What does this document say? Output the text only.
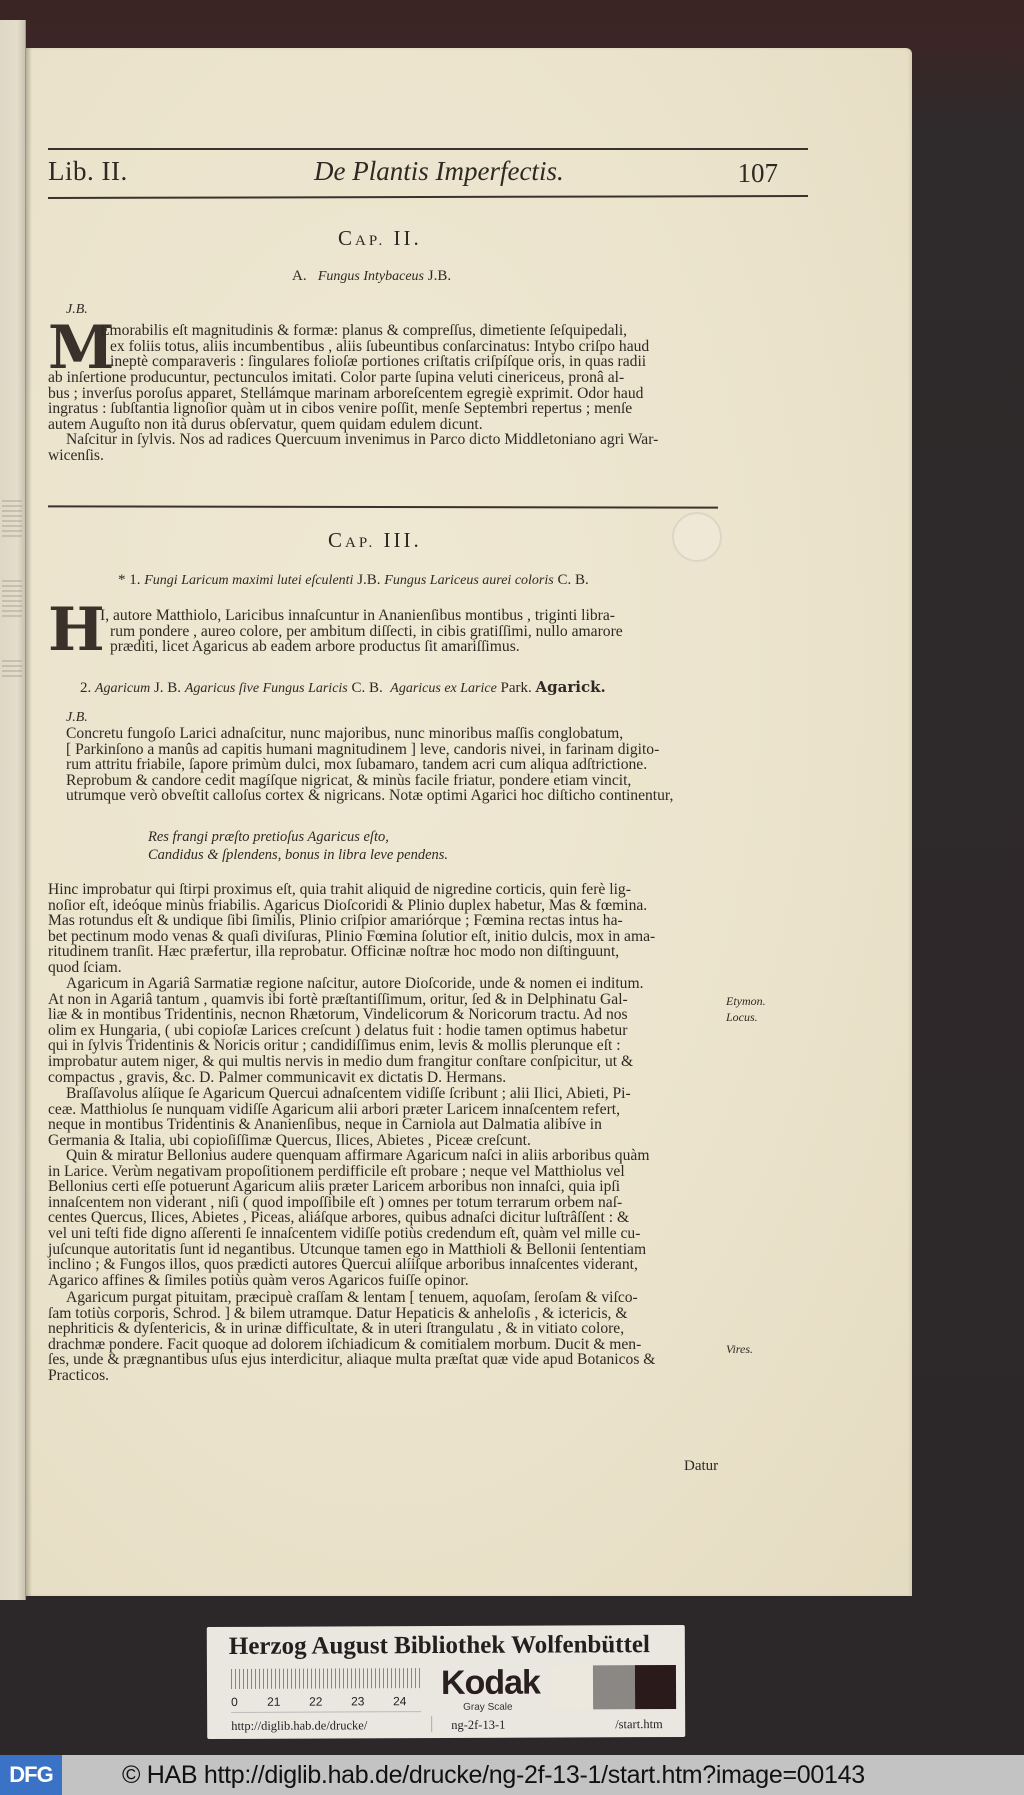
Lib. II.	De Plantis Imperfectis.	107
CAP. II.
A. Fungus Intybaceus J.B.
J.B.
M
Emorabilis eſt magnitudinis & formæ: planus & compreſſus, dimetiente ſeſquipedali,
ex foliis totus, aliis incumbentibus , aliis ſubeuntibus conſarcinatus: Intybo criſpo haud
ineptè comparaveris : ſingulares folioſæ portiones criſtatis criſpíſque oris, in quas radii
ab inſertione producuntur, pectunculos imitati. Color parte ſupina veluti cinericeus, pronâ al-
bus ; inverſus poroſus apparet, Stellámque marinam arboreſcentem egregiè exprimit. Odor haud
ingratus : ſubſtantia lignoſior quàm ut in cibos venire poſſit, menſe Septembri repertus ; menſe
autem Auguſto non ità durus obſervatur, quem quidam edulem dicunt.
Naſcitur in ſylvis. Nos ad radices Quercuum invenimus in Parco dicto Middletoniano agri War-
wicenſis.
CAP. III.
* 1. Fungi Laricum maximi lutei eſculenti J.B. Fungus Lariceus aurei coloris C. B.
H
I, autore Matthiolo, Laricibus innaſcuntur in Ananienſibus montibus , triginti libra-
rum pondere , aureo colore, per ambitum diſſecti, in cibis gratiſſimi, nullo amarore
præditi, licet Agaricus ab eadem arbore productus ſit amariſſimus.
2. Agaricum J. B. Agaricus ſive Fungus Laricis C. B. Agaricus ex Larice Park. Agarick.
J.B.
Concretu fungoſo Larici adnaſcitur, nunc majoribus, nunc minoribus maſſis conglobatum,
[ Parkinſono a manûs ad capitis humani magnitudinem ] leve, candoris nivei, in farinam digito-
rum attritu friabile, ſapore primùm dulci, mox ſubamaro, tandem acri cum aliqua adſtrictione.
Reprobum & candore cedit magíſque nigricat, & minùs facile friatur, pondere etiam vincit,
utrumque verò obveſtit calloſus cortex & nigricans. Notæ optimi Agarici hoc diſticho continentur,
Res frangi præſto pretioſus Agaricus eſto,
Candidus & ſplendens, bonus in libra leve pendens.
Hinc improbatur qui ſtirpi proximus eſt, quia trahit aliquid de nigredine corticis, quin ferè lig-
noſior eſt, ideóque minùs friabilis. Agaricus Dioſcoridi & Plinio duplex habetur, Mas & fœmina.
Mas rotundus eſt & undique ſibi ſimilis, Plinio criſpior amariórque ; Fœmina rectas intus ha-
bet pectinum modo venas & quaſi diviſuras, Plinio Fœmina ſolutior eſt, initio dulcis, mox in ama-
ritudinem tranſit. Hæc præfertur, illa reprobatur. Officinæ noſtræ hoc modo non diſtinguunt,
quod ſciam.
Agaricum in Agariâ Sarmatiæ regione naſcitur, autore Dioſcoride, unde & nomen ei inditum.
At non in Agariâ tantum , quamvis ibi fortè præſtantiſſimum, oritur, ſed & in Delphinatu Gal-
liæ & in montibus Tridentinis, necnon Rhætorum, Vindelicorum & Noricorum tractu. Ad nos
olim ex Hungaria, ( ubi copioſæ Larices creſcunt ) delatus fuit : hodie tamen optimus habetur
qui in ſylvis Tridentinis & Noricis oritur ; candidiſſimus enim, levis & mollis plerunque eſt :
improbatur autem niger, & qui multis nervis in medio dum frangitur conſtare conſpicitur, ut &
compactus , gravis, &c. D. Palmer communicavit ex dictatis D. Hermans.
Etymon.
Locus.
Braſſavolus alíique ſe Agaricum Quercui adnaſcentem vidiſſe ſcribunt ; alii Ilici, Abieti, Pi-
ceæ. Matthiolus ſe nunquam vidiſſe Agaricum alii arbori præter Laricem innaſcentem refert,
neque in montibus Tridentinis & Ananienſibus, neque in Carniola aut Dalmatia alibíve in
Germania & Italia, ubi copioſiſſimæ Quercus, Ilices, Abietes , Piceæ creſcunt.
Quin & miratur Bellonius audere quenquam affirmare Agaricum naſci in aliis arboribus quàm
in Larice. Verùm negativam propoſitionem perdifficile eſt probare ; neque vel Matthiolus vel
Bellonius certi eſſe potuerunt Agaricum aliis præter Laricem arboribus non innaſci, quia ipſi
innaſcentem non viderant , niſi ( quod impoſſibile eſt ) omnes per totum terrarum orbem naſ-
centes Quercus, Ilices, Abietes , Piceas, aliáſque arbores, quibus adnaſci dicitur luſtrâſſent : &
vel uni teſti fide digno aſſerenti ſe innaſcentem vidiſſe potiùs credendum eſt, quàm vel mille cu-
juſcunque autoritatis ſunt id negantibus. Utcunque tamen ego in Matthioli & Bellonii ſententiam
inclino ; & Fungos illos, quos prædicti autores Quercui alíiſque arboribus innaſcentes viderant,
Agarico affines & ſimiles potiùs quàm veros Agaricos fuiſſe opinor.
Agaricum purgat pituitam, præcipuè craſſam & lentam [ tenuem, aquoſam, ſeroſam & viſco-
ſam totiùs corporis, Schrod. ] & bilem utramque. Datur Hepaticis & anheloſis , & ictericis, &
nephriticis & dyſentericis, & in urinæ difficultate, & in uteri ſtrangulatu , & in vitiato colore,
drachmæ pondere. Facit quoque ad dolorem iſchiadicum & comitialem morbum. Ducit & men-
ſes, unde & prægnantibus uſus ejus interdicitur, aliaque multa præſtat quæ vide apud Botanicos &
Practicos.
Vires.
Datur
Herzog August Bibliothek Wolfenbüttel
0 21 22 23 24 Kodak
Gray Scale
http://diglib.hab.de/drucke/	ng-2f-13-1	/start.htm
DFG	© HAB http://diglib.hab.de/drucke/ng-2f-13-1/start.htm?image=00143
